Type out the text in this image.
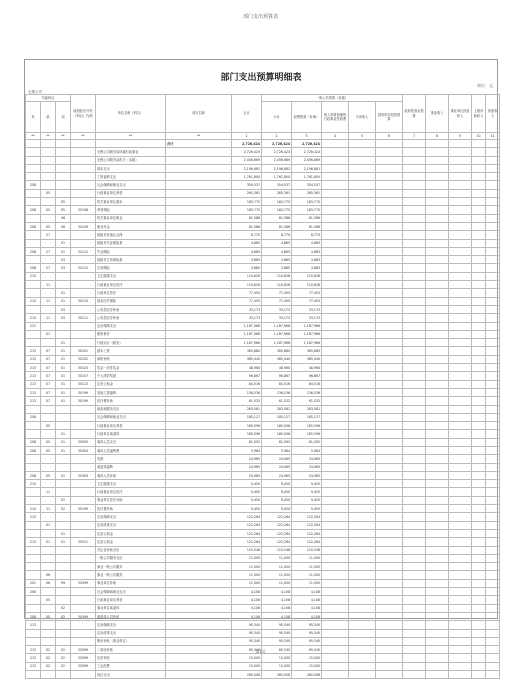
部门支出预算表
部门支出预算明细表
单位：元
无锡公司
功能科目			政府经济分类（科目）代码	单位名称（科目）	项目名称	合计	一般公共预算（市级）					政府性基金预算	事业收入	事业单位经营收入	上级补助收入	其他收入
类	款	项					小计	经费拨款（补助）	纳入预算管理的行政事业性收费	专项收入	国有资本经营预算					
**	**	**	**	**	**	1	2	3	4	5	6	7	8	9	10	11
					合计	2,726,424	2,726,424	2,726,424								
				无锡公司税务局所属行政事业		2,726,424	2,726,424	2,726,424								
				无锡公司税务局机关（本级）		2,456,689	2,456,689	2,456,689								
				基本支出		2,196,681	2,196,681	2,196,681								
				工资福利支出		1,761,800	1,761,800	1,761,800								
208				社会保障和就业支出		354,537	354,537	354,537								
	05			行政事业单位养老		265,361	265,361	265,361								
		05		机关事业单位基本		183,775	183,775	183,775								
208	05	05	30108	养老保险		183,775	183,775	183,775								
		06		机关事业单位职业		81,586	81,586	81,586								
208	05	06	30109	职业年金		81,586	81,586	81,586								
	27			财政对其他社会保		8,770	8,770	8,770								
		01		财政对失业保险基		4,885	4,885	4,885								
208	27	01	30112	失业保险		4,885	4,885	4,885								
		03		财政对生育保险基		3,885	3,885	3,885								
208	27	03	30112	生育保险		3,885	3,885	3,885								
210				卫生健康支出		110,628	110,628	110,628								
	11			行政事业单位医疗		110,628	110,628	110,628								
		01		行政单位医疗		77,455	77,455	77,455								
210	11	01	30110	基本医疗保险		77,455	77,455	77,455								
		03		公务员医疗补助		33,173	33,173	33,173								
210	11	03	30111	公务员医疗补助		33,173	33,173	33,173								
221				住房保障支出		1,187,966	1,187,966	1,187,966								
	01			税收事务		1,187,966	1,187,966	1,187,966								
		01		行政运行（税务）		1,187,966	1,187,966	1,187,966								
213	07	01	30101	基本工资		365,880	365,880	365,880								
213	07	01	30102	津贴补贴		385,440	385,440	385,440								
213	07	01	30103	奖金一次性奖金		48,960	48,960	48,960								
213	07	01	30107	个人绩效奖励		96,867	96,867	96,867								
213	07	01	30113	住房公积金		84,516	84,516	84,516								
213	07	01	30199	其他工资福利		136,536	136,536	136,536								
213	07	01	30199	医疗费补助		61,532	61,532	61,532								
				商品和服务支出		283,581	283,581	283,581								
208				社会保障和就业支出		185,127	185,127	185,127								
	05			行政事业单位养老		185,596	185,596	185,596								
		01		行政单位离退休		185,596	185,596	185,596								
208	05	01	30305	离休人员支出		81,092	81,092	81,092								
208	05	01	30304	离休人员福利费		5,984	5,984	5,984								
				奖励		24,965	24,965	24,965								
				离退休福利		24,965	24,965	24,965								
208	05	01	30309	离休人员补贴		24,965	24,965	24,965								
210				卫生健康支出		9,450	9,450	9,450								
	11			行政事业单位医疗		9,450	9,450	9,450								
		02		事业单位医疗补助		9,450	9,450	9,450								
210	11	02	30199	医疗费补助		9,450	9,450	9,450								
213				住房保障支出		122,264	122,264	122,264								
	01			住房改革支出		122,264	122,264	122,264								
		01		住房公积金		122,264	122,264	122,264								
213	01	01	30311	住房公积金		122,264	122,264	122,264								
				对企业补助支出		110,548	110,548	110,548								
				一般公共服务支出		11,000	11,000	11,000								
				事业一般公共服务		11,000	11,000	11,000								
	06			事业一般公共服务		11,000	11,000	11,000								
201	06	99	30399	事业单位补助		11,000	11,000	11,000								
208				社会保障和就业支出		4,108	4,108	4,108								
	05			行政事业单位养老		4,108	4,108	4,108								
		02		事业单位离退休		4,108	4,108	4,108								
208	05	02	30399	离退休人员补贴		4,108	4,108	4,108								
213				住房保障支出		95,340	95,340	95,340								
				住房改革支出		95,340	95,340	95,340								
				购房补贴（事业单位）		95,340	95,340	95,340								
213	02	02	30399	二套房补贴		65,340	65,340	65,340								
213	02	02	30399	住房补贴		15,000	15,000	15,000								
213	02	02	30399	工会经费		15,000	15,000	15,000								
				项目支出		260,008	260,008	260,008								
第1页
